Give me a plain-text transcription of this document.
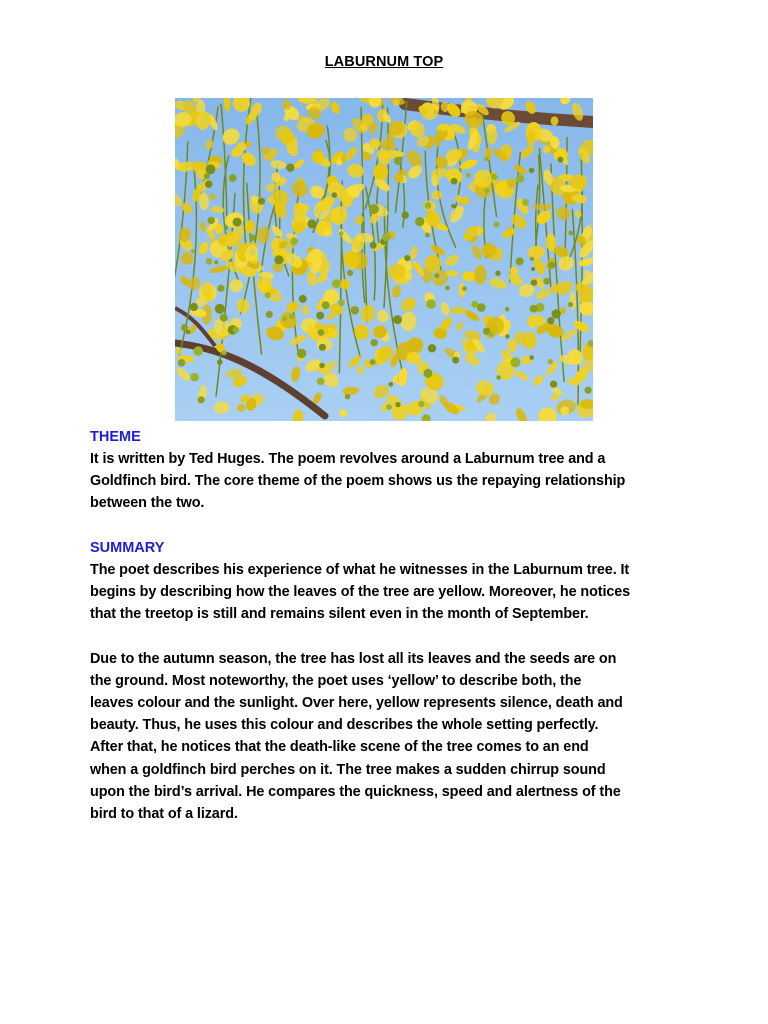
LABURNUM TOP
THEME
It is written by Ted Huges. The poem revolves around a Laburnum tree and a
Goldfinch bird. The core theme of the poem shows us the repaying relationship
between the two.
SUMMARY
The poet describes his experience of what he witnesses in the Laburnum tree. It
begins by describing how the leaves of the tree are yellow. Moreover, he notices
that the treetop is still and remains silent even in the month of September.
Due to the autumn season, the tree has lost all its leaves and the seeds are on
the ground. Most noteworthy, the poet uses ‘yellow’ to describe both, the
leaves colour and the sunlight. Over here, yellow represents silence, death and
beauty. Thus, he uses this colour and describes the whole setting perfectly.
After that, he notices that the death-like scene of the tree comes to an end
when a goldfinch bird perches on it. The tree makes a sudden chirrup sound
upon the bird’s arrival. He compares the quickness, speed and alertness of the
bird to that of a lizard.
